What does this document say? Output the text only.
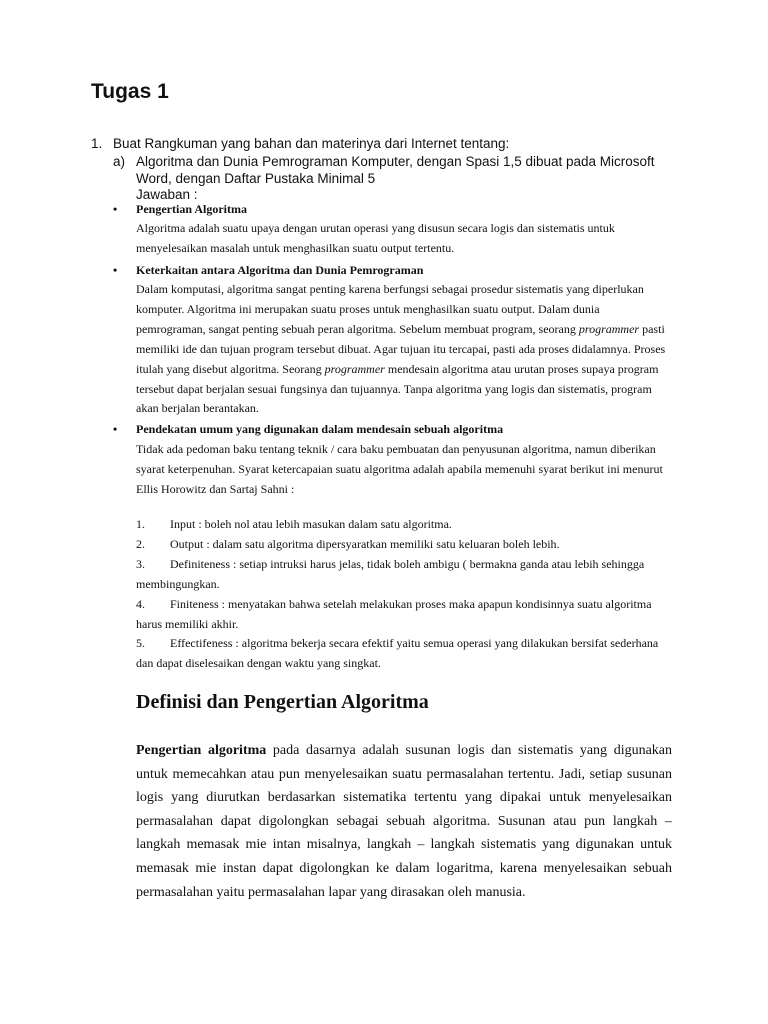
Tugas 1
1. Buat Rangkuman yang bahan dan materinya dari Internet tentang:
a) Algoritma dan Dunia Pemrograman Komputer, dengan Spasi 1,5 dibuat pada Microsoft Word, dengan Daftar Pustaka Minimal 5
Jawaban :
• Pengertian Algoritma

Algoritma adalah suatu upaya dengan urutan operasi yang disusun secara logis dan sistematis untuk menyelesaikan masalah untuk menghasilkan suatu output tertentu.

• Keterkaitan antara Algoritma dan Dunia Pemrograman

Dalam komputasi, algoritma sangat penting karena berfungsi sebagai prosedur sistematis yang diperlukan komputer. Algoritma ini merupakan suatu proses untuk menghasilkan suatu output. Dalam dunia pemrograman, sangat penting sebuah peran algoritma. Sebelum membuat program, seorang programmer pasti memiliki ide dan tujuan program tersebut dibuat. Agar tujuan itu tercapai, pasti ada proses didalamnya. Proses itulah yang disebut algoritma. Seorang programmer mendesain algoritma atau urutan proses supaya program tersebut dapat berjalan sesuai fungsinya dan tujuannya. Tanpa algoritma yang logis dan sistematis, program akan berjalan berantakan.

• Pendekatan umum yang digunakan dalam mendesain sebuah algoritma

Tidak ada pedoman baku tentang teknik / cara baku pembuatan dan penyusunan algoritma, namun diberikan syarat keterpenuhan. Syarat ketercapaian suatu algoritma adalah apabila memenuhi syarat berikut ini menurut Ellis Horowitz dan Sartaj Sahni :

1. Input : boleh nol atau lebih masukan dalam satu algoritma.

2. Output : dalam satu algoritma dipersyaratkan memiliki satu keluaran boleh lebih.

3. Definiteness : setiap intruksi harus jelas, tidak boleh ambigu ( bermakna ganda atau lebih sehingga membingungkan.

4. Finiteness : menyatakan bahwa setelah melakukan proses maka apapun kondisinnya suatu algoritma harus memiliki akhir.

5. Effectifeness : algoritma bekerja secara efektif yaitu semua operasi yang dilakukan bersifat sederhana dan dapat diselesaikan dengan waktu yang singkat.

Definisi dan Pengertian Algoritma

Pengertian algoritma pada dasarnya adalah susunan logis dan sistematis yang digunakan untuk memecahkan atau pun menyelesaikan suatu permasalahan tertentu. Jadi, setiap susunan logis yang diurutkan berdasarkan sistematika tertentu yang dipakai untuk menyelesaikan permasalahan dapat digolongkan sebagai sebuah algoritma. Susunan atau pun langkah – langkah memasak mie intan misalnya, langkah – langkah sistematis yang digunakan untuk memasak mie instan dapat digolongkan ke dalam logaritma, karena menyelesaikan sebuah permasalahan yaitu permasalahan lapar yang dirasakan oleh manusia.
